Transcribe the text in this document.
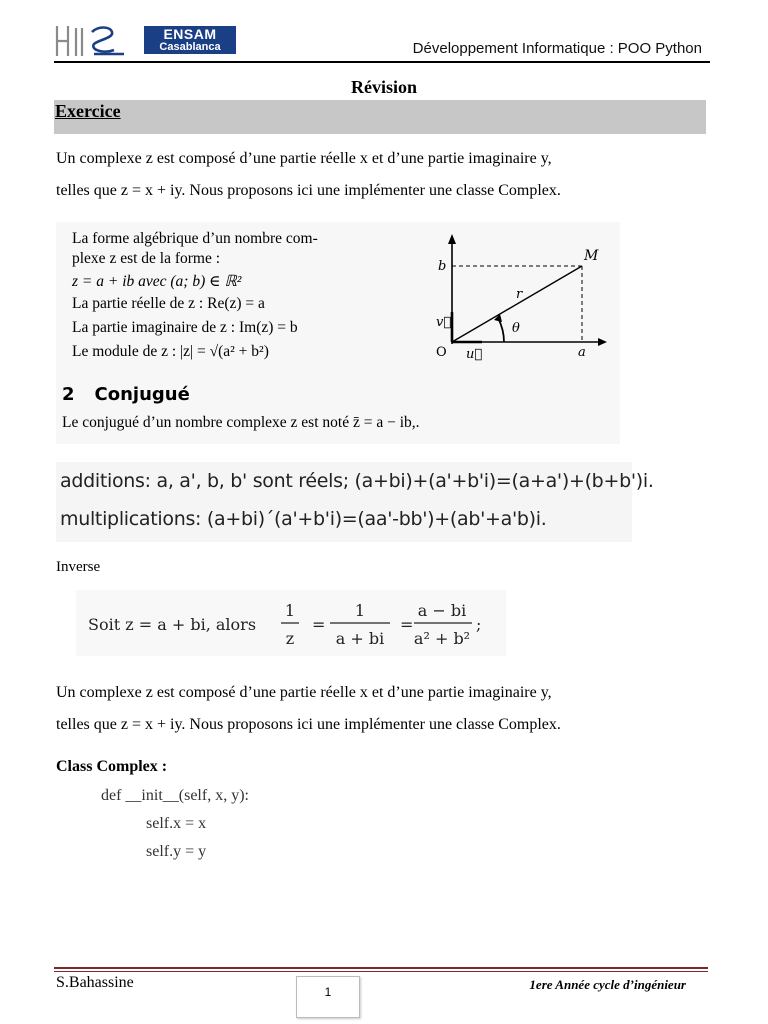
ENSAM
Casablanca	Développement Informatique : POO Python
Révision
Exercice
Un complexe z est composé d’une partie réelle x et d’une partie imaginaire y,
telles que z = x + iy. Nous proposons ici une implémenter une classe Complex.
La forme algébrique d’un nombre com-
plexe z est de la forme :
z = a + ib avec (a; b) ∈ ℝ²
La partie réelle de z : Re(z) = a
La partie imaginaire de z : Im(z) = b
Le module de z : |z| = √(a² + b²)
b
M
r
θ
v⃗
O u⃗	a
2 Conjugué
Le conjugué d’un nombre complexe z est noté z̄ = a − ib,.
additions: a, a', b, b' sont réels; (a+bi)+(a'+b'i)=(a+a')+(b+b')i.
multiplications: (a+bi)´(a'+b'i)=(aa'-bb')+(ab'+a'b)i.
Inverse
Soit z = a + bi, alors
1
z
=
1
a + bi
=
a − bi
a² + b²
;
Un complexe z est composé d’une partie réelle x et d’une partie imaginaire y,
telles que z = x + iy. Nous proposons ici une implémenter une classe Complex.
Class Complex :
def __init__(self, x, y):
self.x = x
self.y = y
S.Bahassine
1	1ere Année cycle d’ingénieur
